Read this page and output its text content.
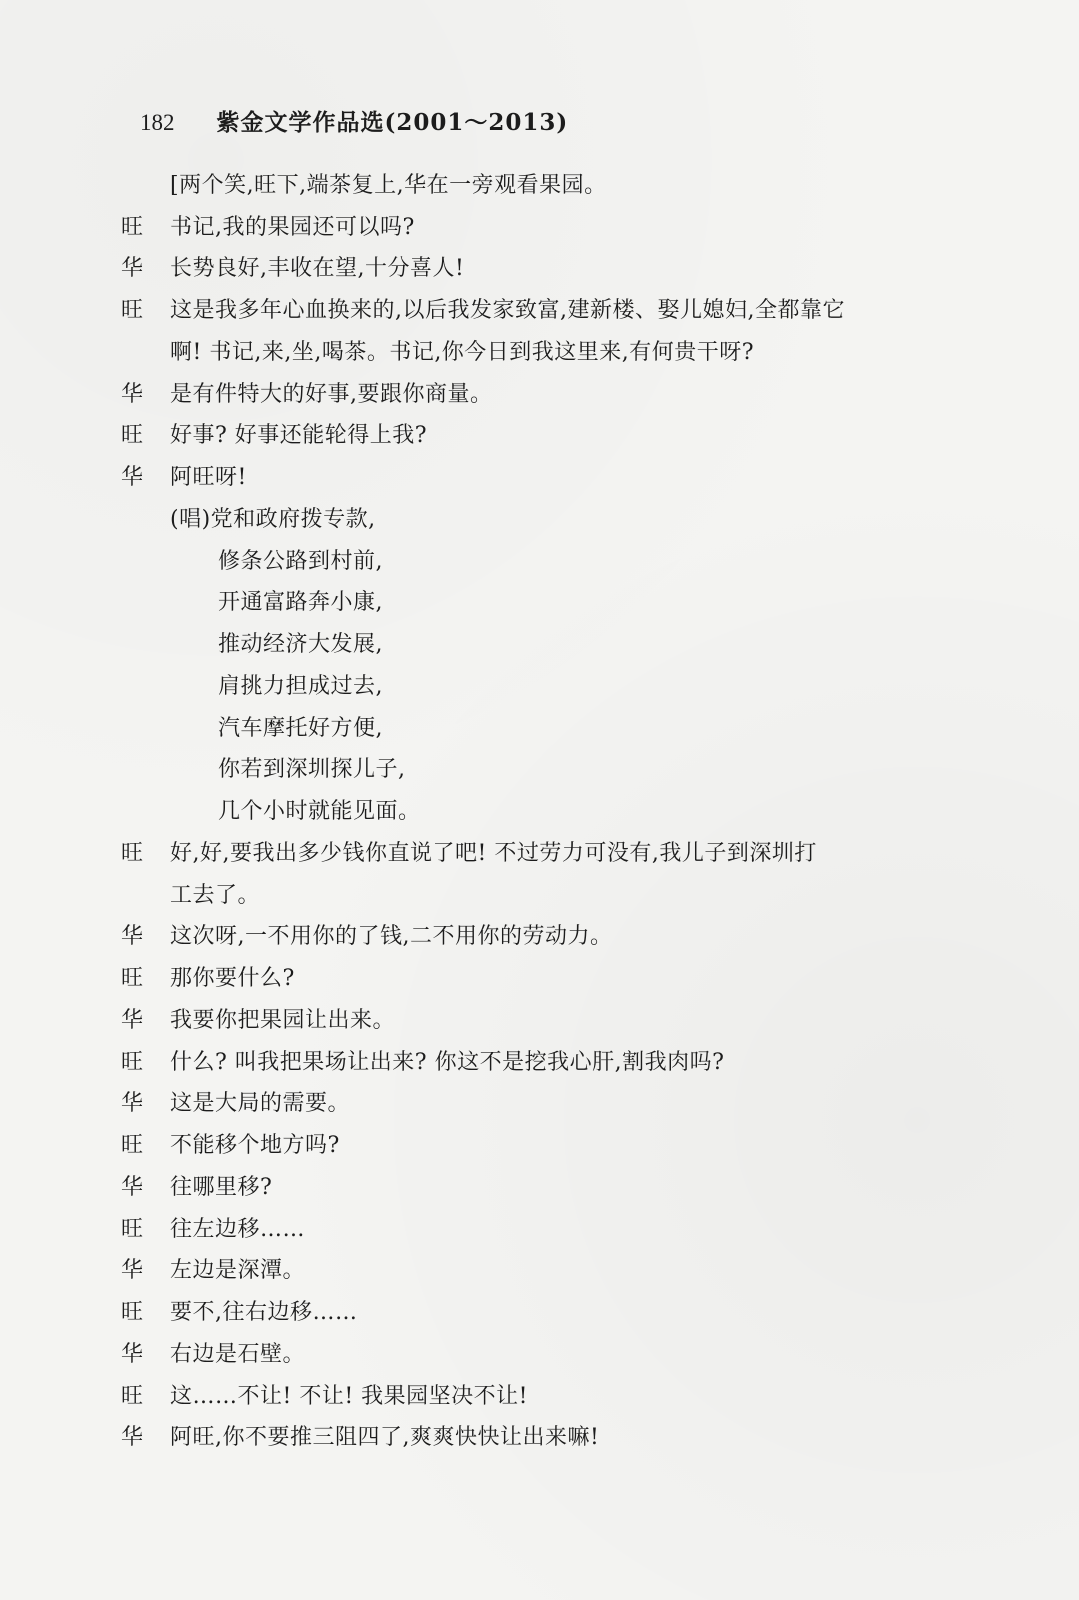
182 紫金文学作品选(2001～2013)
[两个笑,旺下,端茶复上,华在一旁观看果园。
旺	书记,我的果园还可以吗?
华	长势良好,丰收在望,十分喜人!
旺	这是我多年心血换来的,以后我发家致富,建新楼、娶儿媳妇,全都靠它
啊! 书记,来,坐,喝茶。书记,你今日到我这里来,有何贵干呀?
华	是有件特大的好事,要跟你商量。
旺	好事? 好事还能轮得上我?
华	阿旺呀!
(唱)党和政府拨专款,
修条公路到村前,
开通富路奔小康,
推动经济大发展,
肩挑力担成过去,
汽车摩托好方便,
你若到深圳探儿子,
几个小时就能见面。
旺	好,好,要我出多少钱你直说了吧! 不过劳力可没有,我儿子到深圳打
工去了。
华	这次呀,一不用你的了钱,二不用你的劳动力。
旺	那你要什么?
华	我要你把果园让出来。
旺	什么? 叫我把果场让出来? 你这不是挖我心肝,割我肉吗?
华	这是大局的需要。
旺	不能移个地方吗?
华	往哪里移?
旺	往左边移……
华	左边是深潭。
旺	要不,往右边移……
华	右边是石壁。
旺	这……不让! 不让! 我果园坚决不让!
华	阿旺,你不要推三阻四了,爽爽快快让出来嘛!
